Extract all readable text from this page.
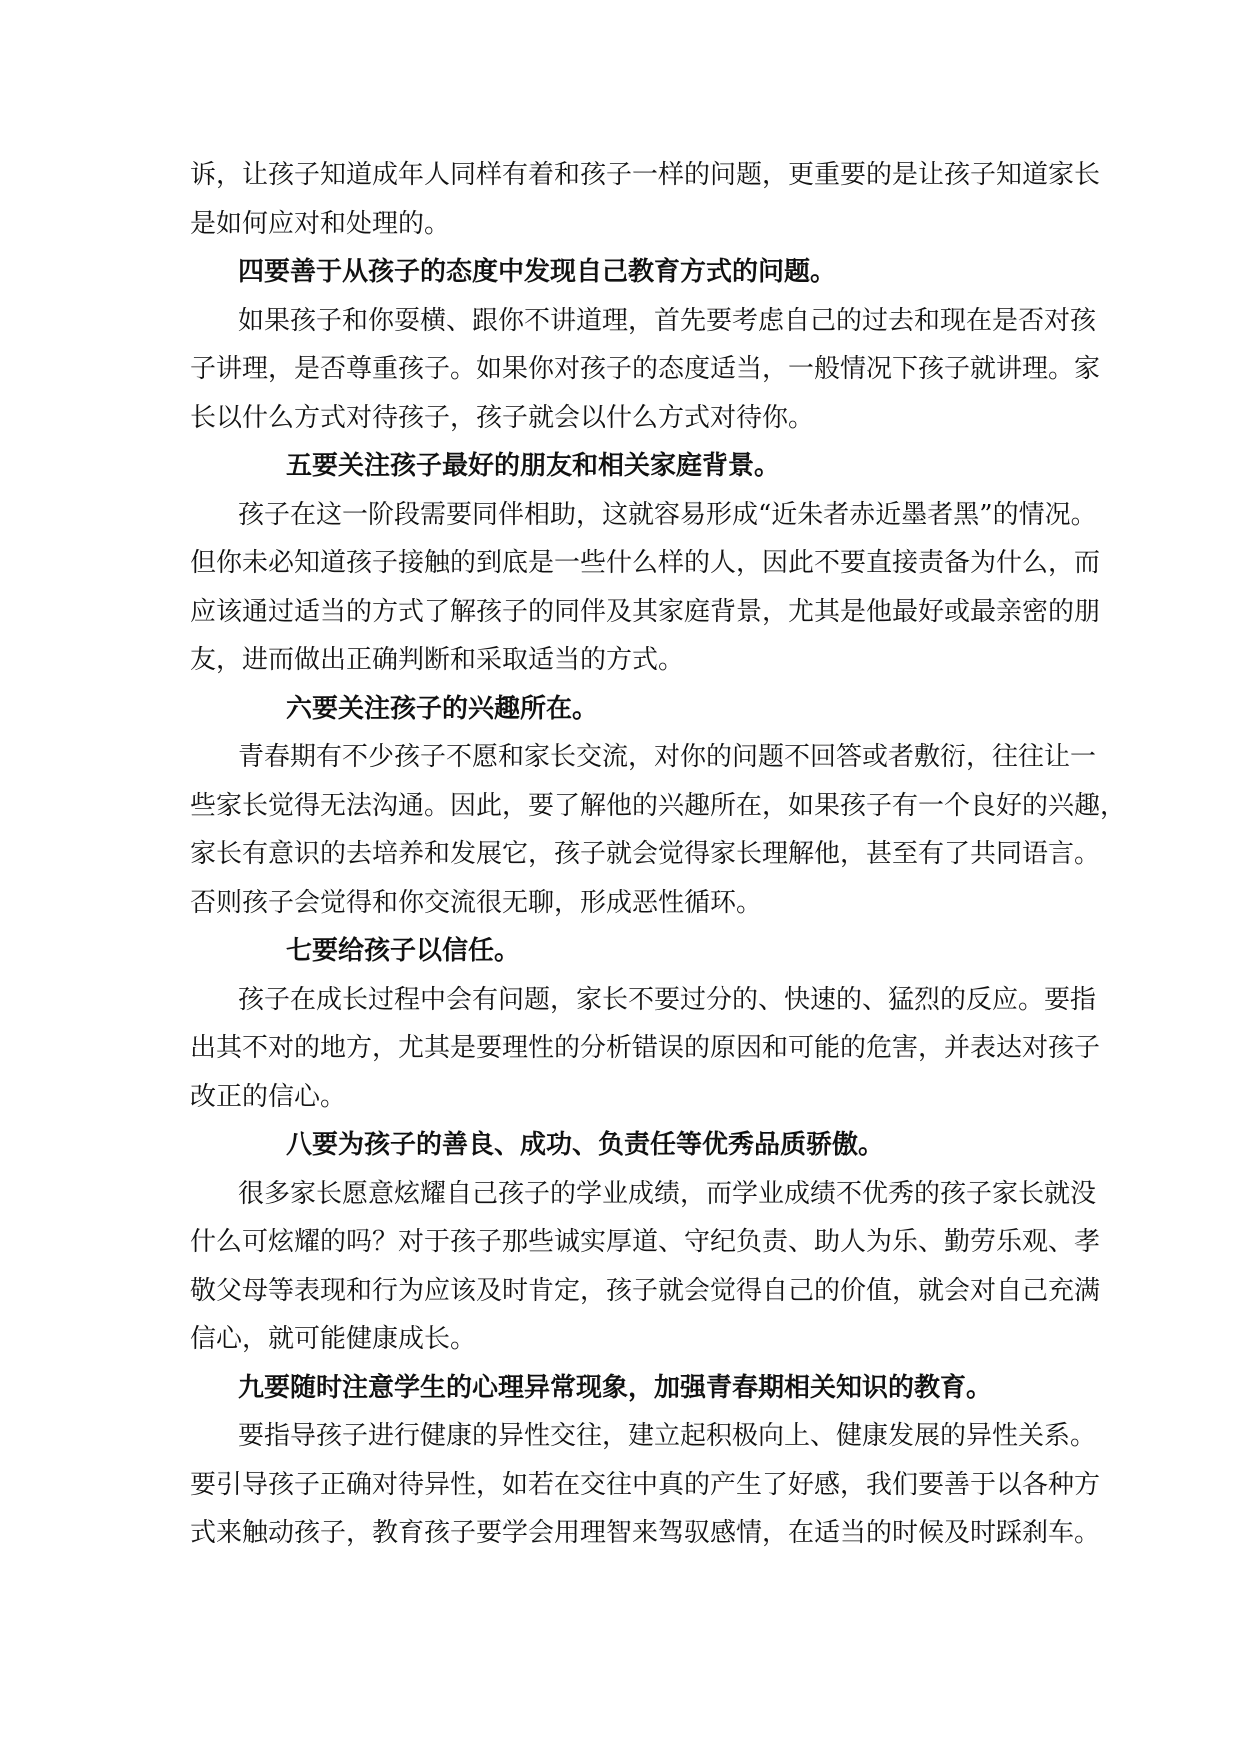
诉，让孩子知道成年人同样有着和孩子一样的问题，更重要的是让孩子知道家长
是如何应对和处理的。
四要善于从孩子的态度中发现自己教育方式的问题。
如果孩子和你耍横、跟你不讲道理，首先要考虑自己的过去和现在是否对孩
子讲理，是否尊重孩子。如果你对孩子的态度适当，一般情况下孩子就讲理。家
长以什么方式对待孩子，孩子就会以什么方式对待你。
五要关注孩子最好的朋友和相关家庭背景。
孩子在这一阶段需要同伴相助，这就容易形成“近朱者赤近墨者黑”的情况。
但你未必知道孩子接触的到底是一些什么样的人，因此不要直接责备为什么，而
应该通过适当的方式了解孩子的同伴及其家庭背景，尤其是他最好或最亲密的朋
友，进而做出正确判断和采取适当的方式。
六要关注孩子的兴趣所在。
青春期有不少孩子不愿和家长交流，对你的问题不回答或者敷衍，往往让一
些家长觉得无法沟通。因此，要了解他的兴趣所在，如果孩子有一个良好的兴趣，
家长有意识的去培养和发展它，孩子就会觉得家长理解他，甚至有了共同语言。
否则孩子会觉得和你交流很无聊，形成恶性循环。
七要给孩子以信任。
孩子在成长过程中会有问题，家长不要过分的、快速的、猛烈的反应。要指
出其不对的地方，尤其是要理性的分析错误的原因和可能的危害，并表达对孩子
改正的信心。
八要为孩子的善良、成功、负责任等优秀品质骄傲。
很多家长愿意炫耀自己孩子的学业成绩，而学业成绩不优秀的孩子家长就没
什么可炫耀的吗？对于孩子那些诚实厚道、守纪负责、助人为乐、勤劳乐观、孝
敬父母等表现和行为应该及时肯定，孩子就会觉得自己的价值，就会对自己充满
信心，就可能健康成长。
九要随时注意学生的心理异常现象，加强青春期相关知识的教育。
要指导孩子进行健康的异性交往，建立起积极向上、健康发展的异性关系。
要引导孩子正确对待异性，如若在交往中真的产生了好感，我们要善于以各种方
式来触动孩子，教育孩子要学会用理智来驾驭感情，在适当的时候及时踩刹车。
